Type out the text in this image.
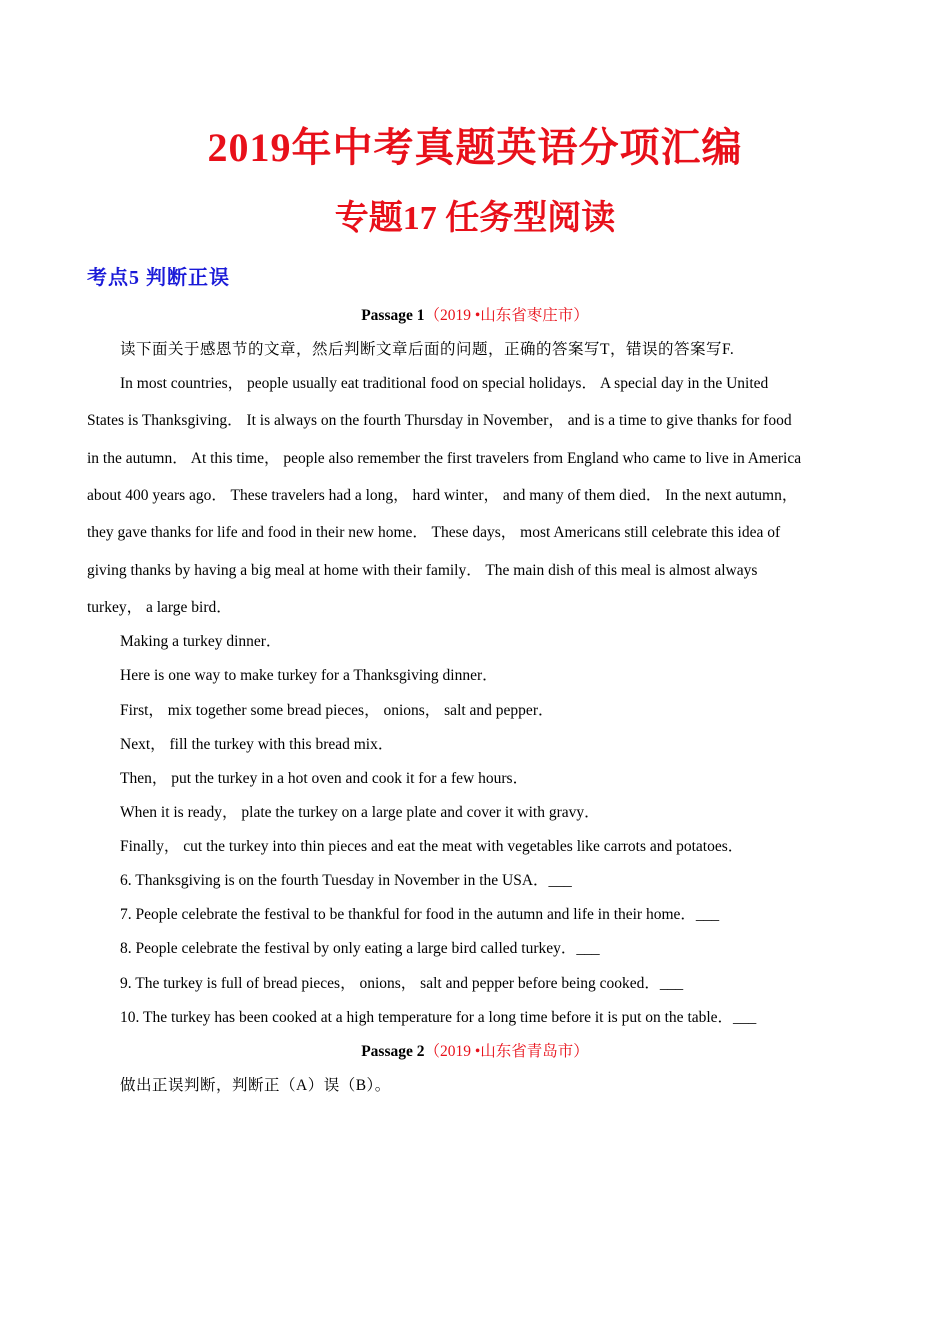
2019年中考真题英语分项汇编
专题17 任务型阅读
考点5 判断正误
Passage 1（2019 •山东省枣庄市）
读下面关于感恩节的文章，然后判断文章后面的问题，正确的答案写T，错误的答案写F.
In most countries， people usually eat traditional food on special holidays． A special day in the United
States is Thanksgiving． It is always on the fourth Thursday in November， and is a time to give thanks for food
in the autumn． At this time， people also remember the first travelers from England who came to live in America
about 400 years ago． These travelers had a long， hard winter， and many of them died． In the next autumn，
they gave thanks for life and food in their new home． These days， most Americans still celebrate this idea of
giving thanks by having a big meal at home with their family． The main dish of this meal is almost always
turkey， a large bird．
Making a turkey dinner．
Here is one way to make turkey for a Thanksgiving dinner．
First， mix together some bread pieces， onions， salt and pepper．
Next， fill the turkey with this bread mix．
Then， put the turkey in a hot oven and cook it for a few hours．
When it is ready， plate the turkey on a large plate and cover it with gravy．
Finally， cut the turkey into thin pieces and eat the meat with vegetables like carrots and potatoes．
6. Thanksgiving is on the fourth Tuesday in November in the USA．___
7. People celebrate the festival to be thankful for food in the autumn and life in their home．___
8. People celebrate the festival by only eating a large bird called turkey．___
9. The turkey is full of bread pieces， onions， salt and pepper before being cooked．___
10. The turkey has been cooked at a high temperature for a long time before it is put on the table．___
Passage 2（2019 •山东省青岛市）
做出正误判断，判断正（A）误（B）。
